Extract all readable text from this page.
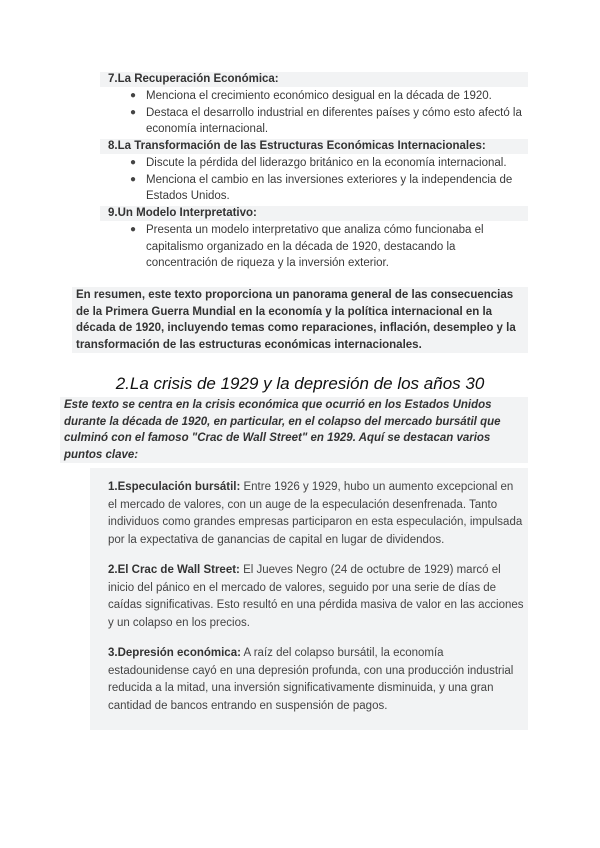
7.La Recuperación Económica:
● Menciona el crecimiento económico desigual en la década de 1920.
● Destaca el desarrollo industrial en diferentes países y cómo esto afectó la economía internacional.
8.La Transformación de las Estructuras Económicas Internacionales:
● Discute la pérdida del liderazgo británico en la economía internacional.
● Menciona el cambio en las inversiones exteriores y la independencia de Estados Unidos.
9.Un Modelo Interpretativo:
● Presenta un modelo interpretativo que analiza cómo funcionaba el capitalismo organizado en la década de 1920, destacando la concentración de riqueza y la inversión exterior.
En resumen, este texto proporciona un panorama general de las consecuencias de la Primera Guerra Mundial en la economía y la política internacional en la década de 1920, incluyendo temas como reparaciones, inflación, desempleo y la transformación de las estructuras económicas internacionales.
2.La crisis de 1929 y la depresión de los años 30
Este texto se centra en la crisis económica que ocurrió en los Estados Unidos durante la década de 1920, en particular, en el colapso del mercado bursátil que culminó con el famoso "Crac de Wall Street" en 1929. Aquí se destacan varios puntos clave:
1.Especulación bursátil: Entre 1926 y 1929, hubo un aumento excepcional en el mercado de valores, con un auge de la especulación desenfrenada. Tanto individuos como grandes empresas participaron en esta especulación, impulsada por la expectativa de ganancias de capital en lugar de dividendos.
2.El Crac de Wall Street: El Jueves Negro (24 de octubre de 1929) marcó el inicio del pánico en el mercado de valores, seguido por una serie de días de caídas significativas. Esto resultó en una pérdida masiva de valor en las acciones y un colapso en los precios.
3.Depresión económica: A raíz del colapso bursátil, la economía estadounidense cayó en una depresión profunda, con una producción industrial reducida a la mitad, una inversión significativamente disminuida, y una gran cantidad de bancos entrando en suspensión de pagos.
